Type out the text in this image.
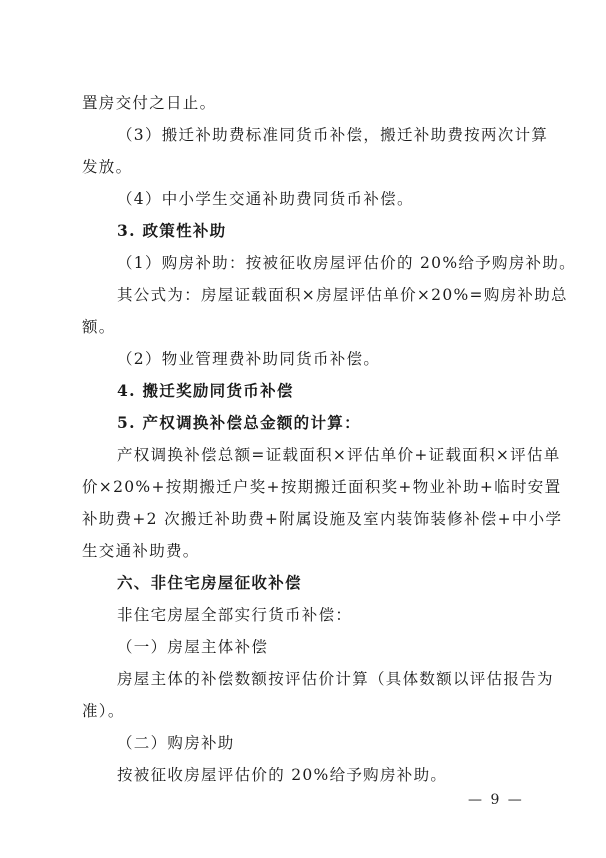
置房交付之日止。
（3）搬迁补助费标准同货币补偿，搬迁补助费按两次计算
发放。
（4）中小学生交通补助费同货币补偿。
3. 政策性补助
（1）购房补助：按被征收房屋评估价的 20%给予购房补助。
其公式为：房屋证载面积×房屋评估单价×20%=购房补助总
额。
（2）物业管理费补助同货币补偿。
4. 搬迁奖励同货币补偿
5. 产权调换补偿总金额的计算：
产权调换补偿总额=证载面积×评估单价+证载面积×评估单
价×20%+按期搬迁户奖+按期搬迁面积奖+物业补助+临时安置
补助费+2 次搬迁补助费+附属设施及室内装饰装修补偿+中小学
生交通补助费。
六、非住宅房屋征收补偿
非住宅房屋全部实行货币补偿：
（一）房屋主体补偿
房屋主体的补偿数额按评估价计算（具体数额以评估报告为
准）。
（二）购房补助
按被征收房屋评估价的 20%给予购房补助。
— 9 —
